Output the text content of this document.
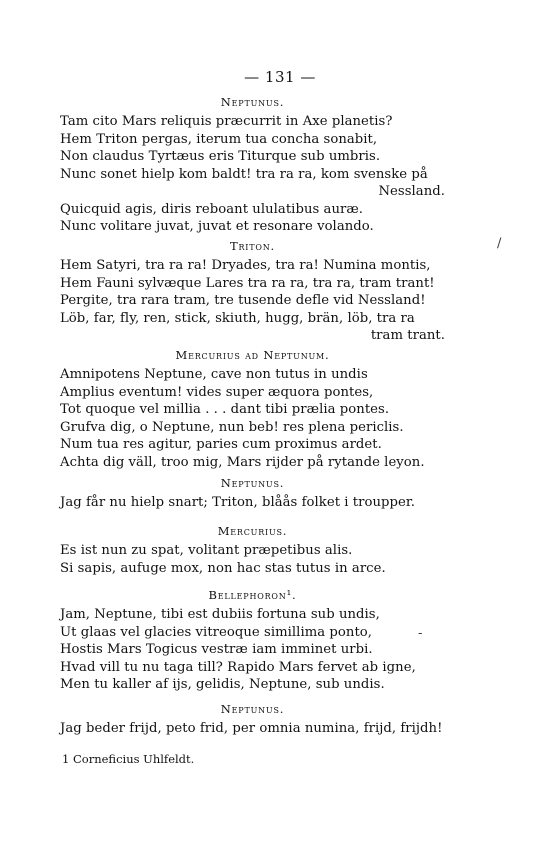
— 131 —
Neptunus.
Tam cito Mars reliquis præcurrit in Axe planetis?
Hem Triton pergas, iterum tua concha sonabit,
Non claudus Tyrtæus eris Titurque sub umbris.
Nunc sonet hielp kom baldt! tra ra ra, kom svenske på
Nessland.
Quicquid agis, diris reboant ululatibus auræ.
Nunc volitare juvat, juvat et resonare volando.
Triton.
Hem Satyri, tra ra ra! Dryades, tra ra! Numina montis,
Hem Fauni sylvæque Lares tra ra ra, tra ra, tram trant!
Pergite, tra rara tram, tre tusende defle vid Nessland!
Löb, far, fly, ren, stick, skiuth, hugg, brän, löb, tra ra
tram trant.
Mercurius ad Neptunum.
Amnipotens Neptune, cave non tutus in undis
Amplius eventum! vides super æquora pontes,
Tot quoque vel millia . . . dant tibi prælia pontes.
Grufva dig, o Neptune, nun beb! res plena periclis.
Num tua res agitur, paries cum proximus ardet.
Achta dig väll, troo mig, Mars rijder på rytande leyon.
Neptunus.
Jag får nu hielp snart; Triton, blåås folket i troupper.
Mercurius.
Es ist nun zu spat, volitant præpetibus alis.
Si sapis, aufuge mox, non hac stas tutus in arce.
Bellephoron¹.
Jam, Neptune, tibi est dubiis fortuna sub undis,
Ut glaas vel glacies vitreoque simillima ponto,
Hostis Mars Togicus vestræ iam imminet urbi.
Hvad vill tu nu taga till? Rapido Mars fervet ab igne,
Men tu kaller af ijs, gelidis, Neptune, sub undis.
Neptunus.
Jag beder frijd, peto frid, per omnia numina, frijd, frijdh!
1 Corneficius Uhlfeldt.
/
-
